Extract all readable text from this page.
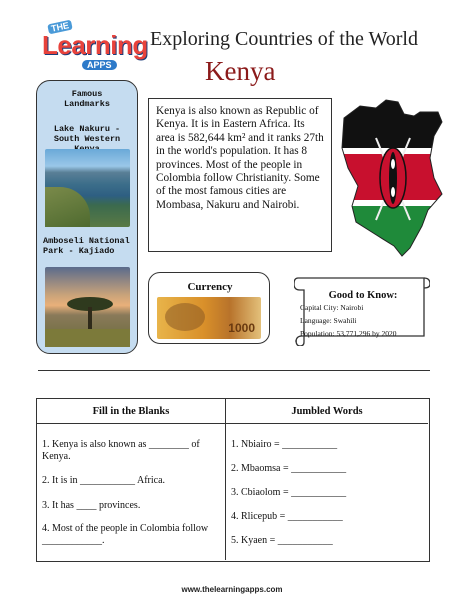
THE
Learning
APPS
Exploring Countries of the World
Kenya
Famous Landmarks
Lake Nakuru - South Western
Amboseli National Park - Kajiado
Kenya is also known as Republic of Kenya. It is in Eastern Africa. Its area is 582,644 km² and it ranks 27th in the world's population. It has 8 provinces. Most of the people in Colombia follow Christianity. Some of the most famous cities are Mombasa, Nakuru and Nairobi.
Currency
1000
Good to Know:
Capital City: Nairobi
Language: Swahili
Population: 53,771,296 by 2020
Fill in the Blanks	Jumbled Words
1. Kenya is also known as ________ of Kenya.
2. It is in ___________ Africa.
3. It has ____ provinces.
4. Most of the people in Colombia follow ____________.
1. Nbiairo = ___________
2. Mbaomsa = ___________
3. Cbiaolom = ___________
4. Rlicepub = ___________
5. Kyaen = ___________
www.thelearningapps.com
